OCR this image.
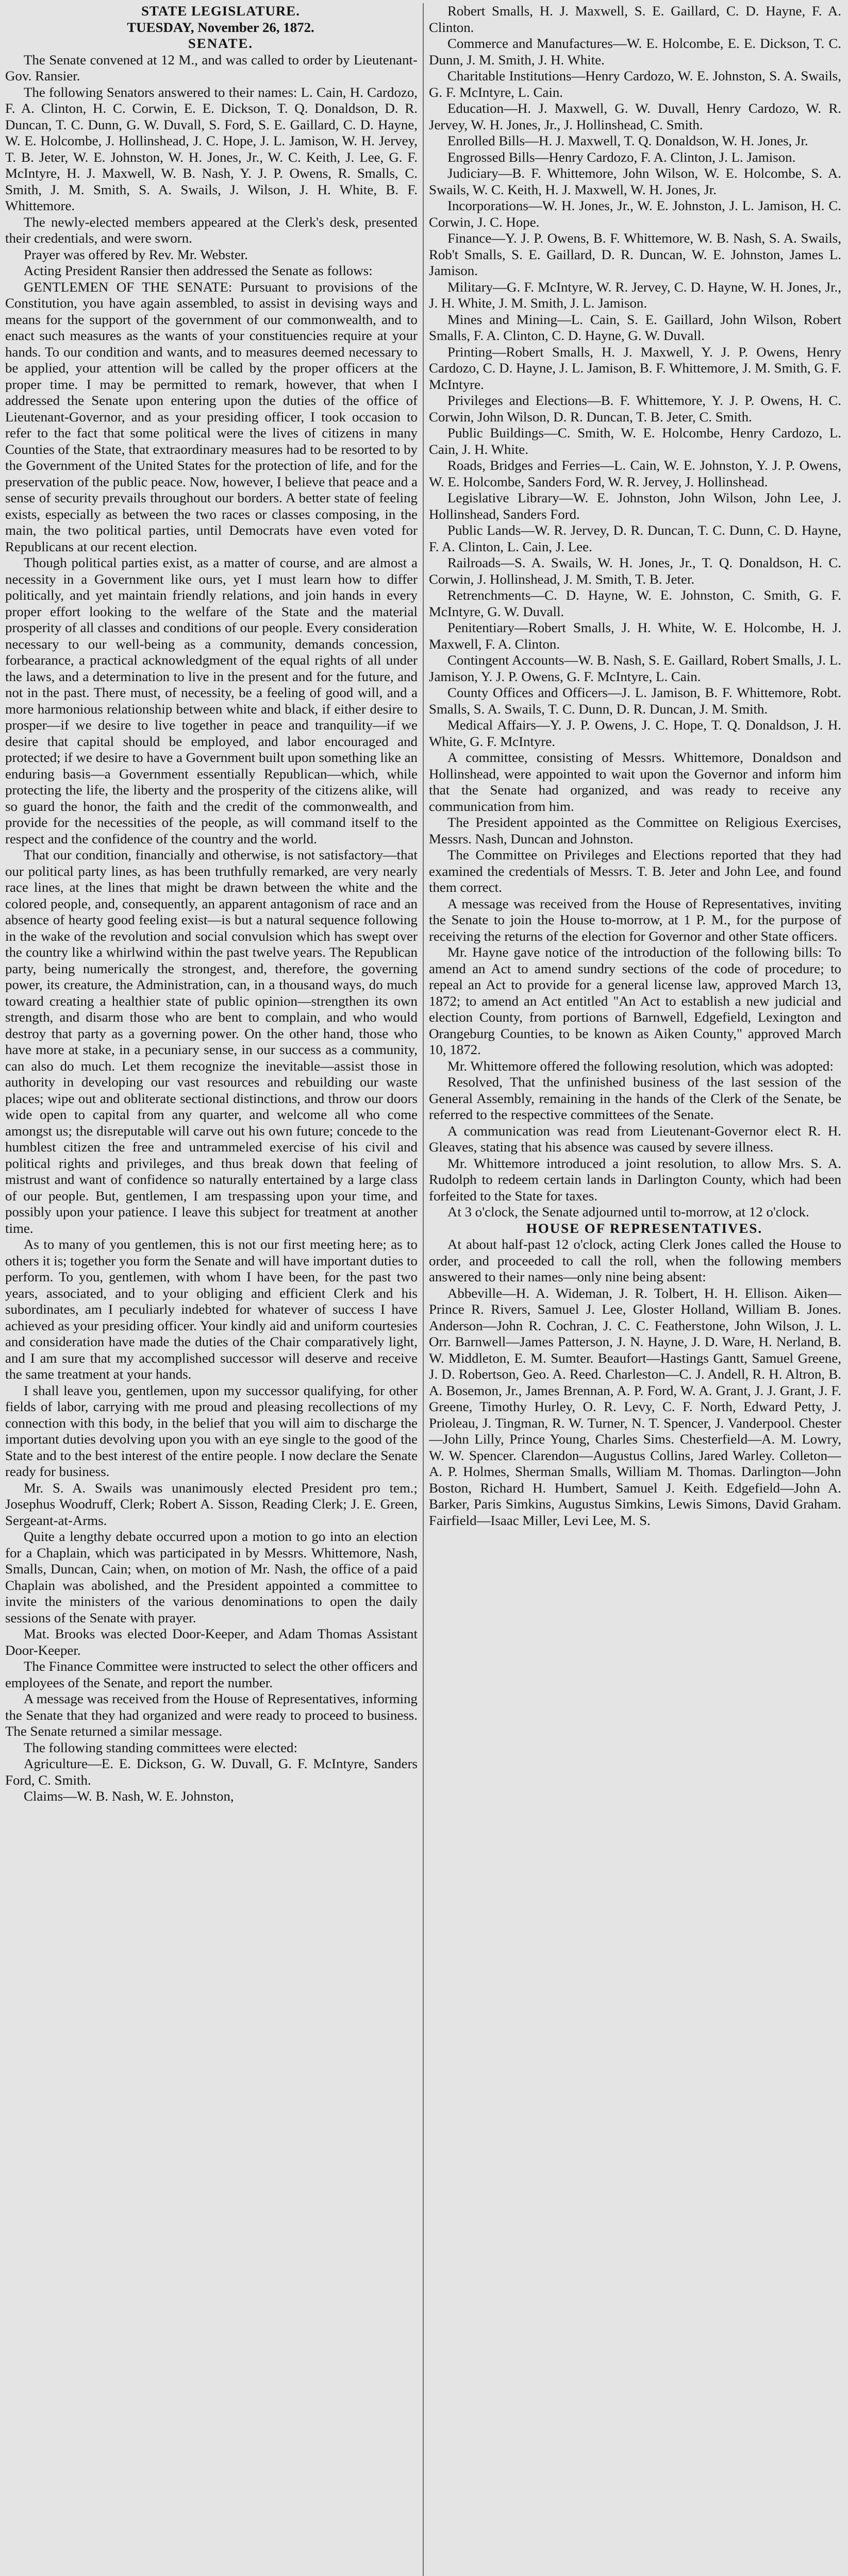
STATE LEGISLATURE.

TUESDAY, November 26, 1872.

SENATE.

The Senate convened at 12 M., and was called to order by Lieutenant-Gov. Ransier.

The following Senators answered to their names: L. Cain, H. Cardozo, F. A. Clinton, H. C. Corwin, E. E. Dickson, T. Q. Donaldson, D. R. Duncan, T. C. Dunn, G. W. Duvall, S. Ford, S. E. Gaillard, C. D. Hayne, W. E. Holcombe, J. Hollinshead, J. C. Hope, J. L. Jamison, W. H. Jervey, T. B. Jeter, W. E. Johnston, W. H. Jones, Jr., W. C. Keith, J. Lee, G. F. McIntyre, H. J. Maxwell, W. B. Nash, Y. J. P. Owens, R. Smalls, C. Smith, J. M. Smith, S. A. Swails, J. Wilson, J. H. White, B. F. Whittemore.

The newly-elected members appeared at the Clerk's desk, presented their credentials, and were sworn.

Prayer was offered by Rev. Mr. Webster.

Acting President Ransier then addressed the Senate as follows:

GENTLEMEN OF THE SENATE: Pursuant to provisions of the Constitution, you have again assembled, to assist in devising ways and means for the support of the government of our commonwealth, and to enact such measures as the wants of your constituencies require at your hands. To our condition and wants, and to measures deemed necessary to be applied, your attention will be called by the proper officers at the proper time. I may be permitted to remark, however, that when I addressed the Senate upon entering upon the duties of the office of Lieutenant-Governor, and as your presiding officer, I took occasion to refer to the fact that some political were the lives of citizens in many Counties of the State, that extraordinary measures had to be resorted to by the Government of the United States for the protection of life, and for the preservation of the public peace. Now, however, I believe that peace and a sense of security prevails throughout our borders. A better state of feeling exists, especially as between the two races or classes composing, in the main, the two political parties, until Democrats have even voted for Republicans at our recent election.

Though political parties exist, as a matter of course, and are almost a necessity in a Government like ours, yet I must learn how to differ politically, and yet maintain friendly relations, and join hands in every proper effort looking to the welfare of the State and the material prosperity of all classes and conditions of our people. Every consideration necessary to our well-being as a community, demands concession, forbearance, a practical acknowledgment of the equal rights of all under the laws, and a determination to live in the present and for the future, and not in the past. There must, of necessity, be a feeling of good will, and a more harmonious relationship between white and black, if either desire to prosper—if we desire to live together in peace and tranquility—if we desire that capital should be employed, and labor encouraged and protected; if we desire to have a Government built upon something like an enduring basis—a Government essentially Republican—which, while protecting the life, the liberty and the prosperity of the citizens alike, will so guard the honor, the faith and the credit of the commonwealth, and provide for the necessities of the people, as will command itself to the respect and the confidence of the country and the world.

That our condition, financially and otherwise, is not satisfactory—that our political party lines, as has been truthfully remarked, are very nearly race lines, at the lines that might be drawn between the white and the colored people, and, consequently, an apparent antagonism of race and an absence of hearty good feeling exist—is but a natural sequence following in the wake of the revolution and social convulsion which has swept over the country like a whirlwind within the past twelve years. The Republican party, being numerically the strongest, and, therefore, the governing power, its creature, the Administration, can, in a thousand ways, do much toward creating a healthier state of public opinion—strengthen its own strength, and disarm those who are bent to complain, and who would destroy that party as a governing power. On the other hand, those who have more at stake, in a pecuniary sense, in our success as a community, can also do much. Let them recognize the inevitable—assist those in authority in developing our vast resources and rebuilding our waste places; wipe out and obliterate sectional distinctions, and throw our doors wide open to capital from any quarter, and welcome all who come amongst us; the disreputable will carve out his own future; concede to the humblest citizen the free and untrammeled exercise of his civil and political rights and privileges, and thus break down that feeling of mistrust and want of confidence so naturally entertained by a large class of our people. But, gentlemen, I am trespassing upon your time, and possibly upon your patience. I leave this subject for treatment at another time.

As to many of you gentlemen, this is not our first meeting here; as to others it is; together you form the Senate and will have important duties to perform. To you, gentlemen, with whom I have been, for the past two years, associated, and to your obliging and efficient Clerk and his subordinates, am I peculiarly indebted for whatever of success I have achieved as your presiding officer. Your kindly aid and uniform courtesies and consideration have made the duties of the Chair comparatively light, and I am sure that my accomplished successor will deserve and receive the same treatment at your hands.

I shall leave you, gentlemen, upon my successor qualifying, for other fields of labor, carrying with me proud and pleasing recollections of my connection with this body, in the belief that you will aim to discharge the important duties devolving upon you with an eye single to the good of the State and to the best interest of the entire people. I now declare the Senate ready for business.

Mr. S. A. Swails was unanimously elected President pro tem.; Josephus Woodruff, Clerk; Robert A. Sisson, Reading Clerk; J. E. Green, Sergeant-at-Arms.

Quite a lengthy debate occurred upon a motion to go into an election for a Chaplain, which was participated in by Messrs. Whittemore, Nash, Smalls, Duncan, Cain; when, on motion of Mr. Nash, the office of a paid Chaplain was abolished, and the President appointed a committee to invite the ministers of the various denominations to open the daily sessions of the Senate with prayer.

Mat. Brooks was elected Door-Keeper, and Adam Thomas Assistant Door-Keeper.

The Finance Committee were instructed to select the other officers and employees of the Senate, and report the number.

A message was received from the House of Representatives, informing the Senate that they had organized and were ready to proceed to business. The Senate returned a similar message.

The following standing committees were elected:

Agriculture—E. E. Dickson, G. W. Duvall, G. F. McIntyre, Sanders Ford, C. Smith.

Claims—W. B. Nash, W. E. Johnston,

Robert Smalls, H. J. Maxwell, S. E. Gaillard, C. D. Hayne, F. A. Clinton.

Commerce and Manufactures—W. E. Holcombe, E. E. Dickson, T. C. Dunn, J. M. Smith, J. H. White.

Charitable Institutions—Henry Cardozo, W. E. Johnston, S. A. Swails, G. F. McIntyre, L. Cain.

Education—H. J. Maxwell, G. W. Duvall, Henry Cardozo, W. R. Jervey, W. H. Jones, Jr., J. Hollinshead, C. Smith.

Enrolled Bills—H. J. Maxwell, T. Q. Donaldson, W. H. Jones, Jr.

Engrossed Bills—Henry Cardozo, F. A. Clinton, J. L. Jamison.

Judiciary—B. F. Whittemore, John Wilson, W. E. Holcombe, S. A. Swails, W. C. Keith, H. J. Maxwell, W. H. Jones, Jr.

Incorporations—W. H. Jones, Jr., W. E. Johnston, J. L. Jamison, H. C. Corwin, J. C. Hope.

Finance—Y. J. P. Owens, B. F. Whittemore, W. B. Nash, S. A. Swails, Rob't Smalls, S. E. Gaillard, D. R. Duncan, W. E. Johnston, James L. Jamison.

Military—G. F. McIntyre, W. R. Jervey, C. D. Hayne, W. H. Jones, Jr., J. H. White, J. M. Smith, J. L. Jamison.

Mines and Mining—L. Cain, S. E. Gaillard, John Wilson, Robert Smalls, F. A. Clinton, C. D. Hayne, G. W. Duvall.

Printing—Robert Smalls, H. J. Maxwell, Y. J. P. Owens, Henry Cardozo, C. D. Hayne, J. L. Jamison, B. F. Whittemore, J. M. Smith, G. F. McIntyre.

Privileges and Elections—B. F. Whittemore, Y. J. P. Owens, H. C. Corwin, John Wilson, D. R. Duncan, T. B. Jeter, C. Smith.

Public Buildings—C. Smith, W. E. Holcombe, Henry Cardozo, L. Cain, J. H. White.

Roads, Bridges and Ferries—L. Cain, W. E. Johnston, Y. J. P. Owens, W. E. Holcombe, Sanders Ford, W. R. Jervey, J. Hollinshead.

Legislative Library—W. E. Johnston, John Wilson, John Lee, J. Hollinshead, Sanders Ford.

Public Lands—W. R. Jervey, D. R. Duncan, T. C. Dunn, C. D. Hayne, F. A. Clinton, L. Cain, J. Lee.

Railroads—S. A. Swails, W. H. Jones, Jr., T. Q. Donaldson, H. C. Corwin, J. Hollinshead, J. M. Smith, T. B. Jeter.

Retrenchments—C. D. Hayne, W. E. Johnston, C. Smith, G. F. McIntyre, G. W. Duvall.

Penitentiary—Robert Smalls, J. H. White, W. E. Holcombe, H. J. Maxwell, F. A. Clinton.

Contingent Accounts—W. B. Nash, S. E. Gaillard, Robert Smalls, J. L. Jamison, Y. J. P. Owens, G. F. McIntyre, L. Cain.

County Offices and Officers—J. L. Jamison, B. F. Whittemore, Robt. Smalls, S. A. Swails, T. C. Dunn, D. R. Duncan, J. M. Smith.

Medical Affairs—Y. J. P. Owens, J. C. Hope, T. Q. Donaldson, J. H. White, G. F. McIntyre.

A committee, consisting of Messrs. Whittemore, Donaldson and Hollinshead, were appointed to wait upon the Governor and inform him that the Senate had organized, and was ready to receive any communication from him.

The President appointed as the Committee on Religious Exercises, Messrs. Nash, Duncan and Johnston.

The Committee on Privileges and Elections reported that they had examined the credentials of Messrs. T. B. Jeter and John Lee, and found them correct.

A message was received from the House of Representatives, inviting the Senate to join the House to-morrow, at 1 P. M., for the purpose of receiving the returns of the election for Governor and other State officers.

Mr. Hayne gave notice of the introduction of the following bills: To amend an Act to amend sundry sections of the code of procedure; to repeal an Act to provide for a general license law, approved March 13, 1872; to amend an Act entitled "An Act to establish a new judicial and election County, from portions of Barnwell, Edgefield, Lexington and Orangeburg Counties, to be known as Aiken County," approved March 10, 1872.

Mr. Whittemore offered the following resolution, which was adopted:

Resolved, That the unfinished business of the last session of the General Assembly, remaining in the hands of the Clerk of the Senate, be referred to the respective committees of the Senate.

A communication was read from Lieutenant-Governor elect R. H. Gleaves, stating that his absence was caused by severe illness.

Mr. Whittemore introduced a joint resolution, to allow Mrs. S. A. Rudolph to redeem certain lands in Darlington County, which had been forfeited to the State for taxes.

At 3 o'clock, the Senate adjourned until to-morrow, at 12 o'clock.

HOUSE OF REPRESENTATIVES.

At about half-past 12 o'clock, acting Clerk Jones called the House to order, and proceeded to call the roll, when the following members answered to their names—only nine being absent:

Abbeville—H. A. Wideman, J. R. Tolbert, H. H. Ellison. Aiken—Prince R. Rivers, Samuel J. Lee, Gloster Holland, William B. Jones. Anderson—John R. Cochran, J. C. C. Featherstone, John Wilson, J. L. Orr. Barnwell—James Patterson, J. N. Hayne, J. D. Ware, H. Nerland, B. W. Middleton, E. M. Sumter. Beaufort—Hastings Gantt, Samuel Greene, J. D. Robertson, Geo. A. Reed. Charleston—C. J. Andell, R. H. Altron, B. A. Bosemon, Jr., James Brennan, A. P. Ford, W. A. Grant, J. J. Grant, J. F. Greene, Timothy Hurley, O. R. Levy, C. F. North, Edward Petty, J. Prioleau, J. Tingman, R. W. Turner, N. T. Spencer, J. Vanderpool. Chester—John Lilly, Prince Young, Charles Sims. Chesterfield—A. M. Lowry, W. W. Spencer. Clarendon—Augustus Collins, Jared Warley. Colleton—A. P. Holmes, Sherman Smalls, William M. Thomas. Darlington—John Boston, Richard H. Humbert, Samuel J. Keith. Edgefield—John A. Barker, Paris Simkins, Augustus Simkins, Lewis Simons, David Graham. Fairfield—Isaac Miller, Levi Lee, M. S.
